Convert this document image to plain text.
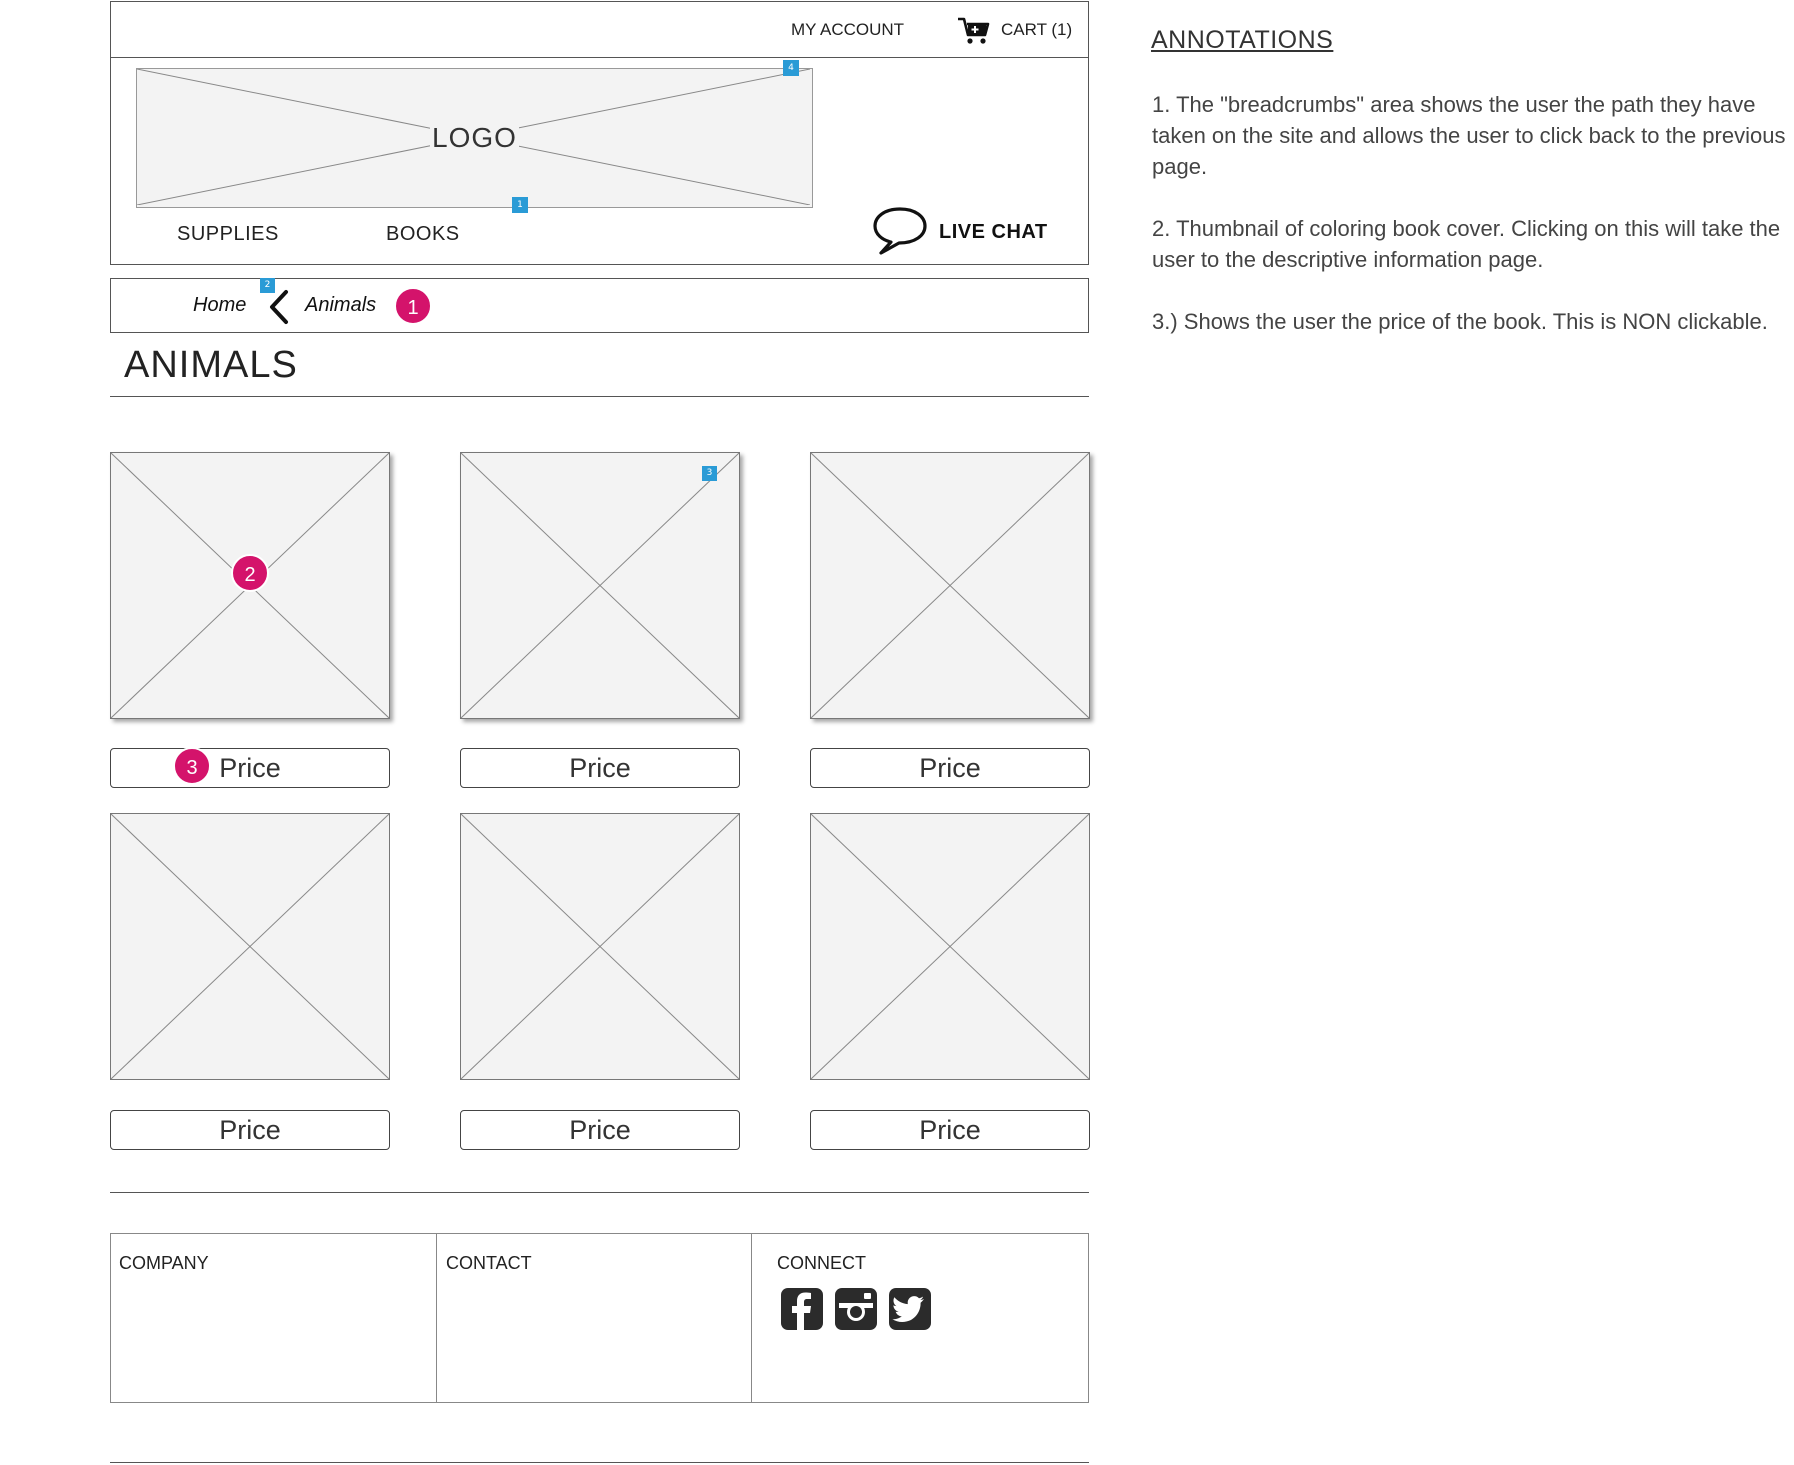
MY ACCOUNT	CART (1)
LOGO
4
1
SUPPLIES	BOOKS	LIVE CHAT
Home
2
Animals	1
ANIMALS
3
2
Price	Price	Price
3
Price	Price	Price
COMPANY	CONTACT	CONNECT
ANNOTATIONS
1. The "breadcrumbs" area shows the user the path they have taken on the site and allows the user to click back to the previous page.
2. Thumbnail of coloring book cover. Clicking on this will take the user to the descriptive information page.
3.) Shows the user the price of the book. This is NON clickable.
